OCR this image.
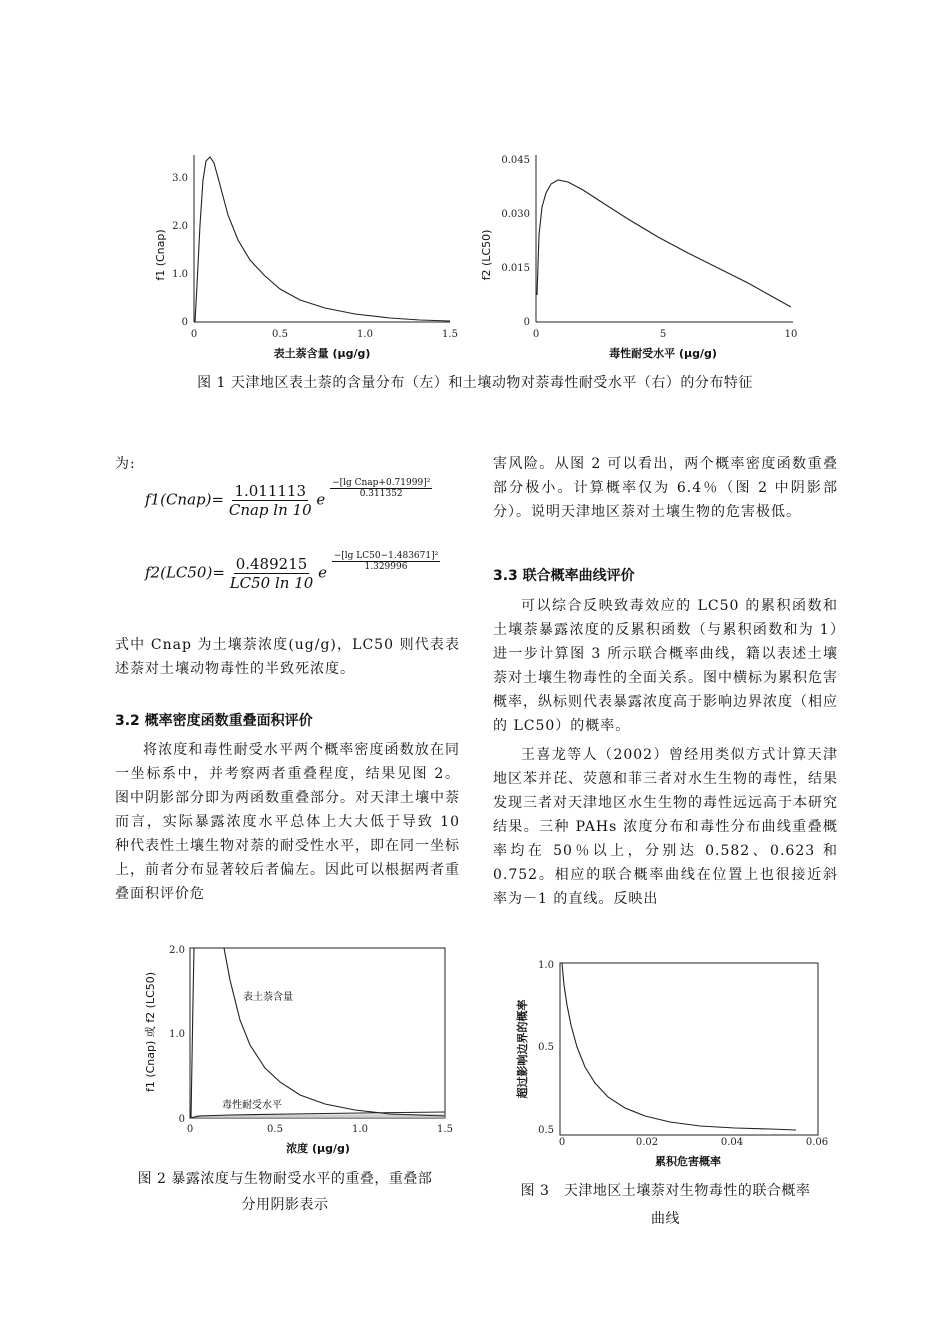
0
1.0
2.0
3.0
0	0.5	1.0	1.5
f1 (Cnap)
表土萘含量 (μg/g)
0
0.015
0.030
0.045
0	5	10
f2 (LC50)
毒性耐受水平 (μg/g)
图 1 天津地区表土萘的含量分布（左）和土壤动物对萘毒性耐受水平（右）的分布特征
为:
f1(Cnap)= 1.011113
Cnap ln 10
e
−[lg Cnap+0.71999]²
0.311352
$f2(LC50)= \frac{0.489215}{LC50 \ln 10}$ e
$\frac{\text{−[lg LC50−1.483671]²}}{1.329996}$
式中 Cnap 为土壤萘浓度(ug/g)，LC50 则代表表述萘对土壤动物毒性的半致死浓度。
3.2 概率密度函数重叠面积评价
将浓度和毒性耐受水平两个概率密度函数放在同一坐标系中，并考察两者重叠程度，结果见图 2。 图中阴影部分即为两函数重叠部分。对天津土壤中萘而言，实际暴露浓度水平总体上大大低于导致 10 种代表性土壤生物对萘的耐受性水平，即在同一坐标上，前者分布显著较后者偏左。因此可以根据两者重叠面积评价危
害风险。从图 2 可以看出，两个概率密度函数重叠部分极小。计算概率仅为 6.4％（图 2 中阴影部分）。说明天津地区萘对土壤生物的危害极低。
3.3 联合概率曲线评价
可以综合反映致毒效应的 LC50 的累积函数和土壤萘暴露浓度的反累积函数（与累积函数和为 1）进一步计算图 3 所示联合概率曲线，籍以表述土壤萘对土壤生物毒性的全面关系。图中横标为累积危害概率，纵标则代表暴露浓度高于影响边界浓度（相应的 LC50）的概率。
王喜龙等人（2002）曾经用类似方式计算天津地区苯并芘、荧蒽和菲三者对水生生物的毒性，结果发现三者对天津地区水生生物的毒性远远高于本研究结果。三种 PAHs 浓度分布和毒性分布曲线重叠概率均在 50％以上，分别达 0.582、0.623 和 0.752。相应的联合概率曲线在位置上也很接近斜率为－1 的直线。反映出
0
1.0
2.0
0	0.5	1.0	1.5
f1 (Cnap) 或 f2 (LC50)
浓度 (μg/g)
表土萘含量
毒性耐受水平
图 2 暴露浓度与生物耐受水平的重叠，重叠部
分用阴影表示
0.5
0.5
1.0
0	0.02	0.04	0.06
超过影响边界的概率
累积危害概率
图 3　天津地区土壤萘对生物毒性的联合概率
曲线
